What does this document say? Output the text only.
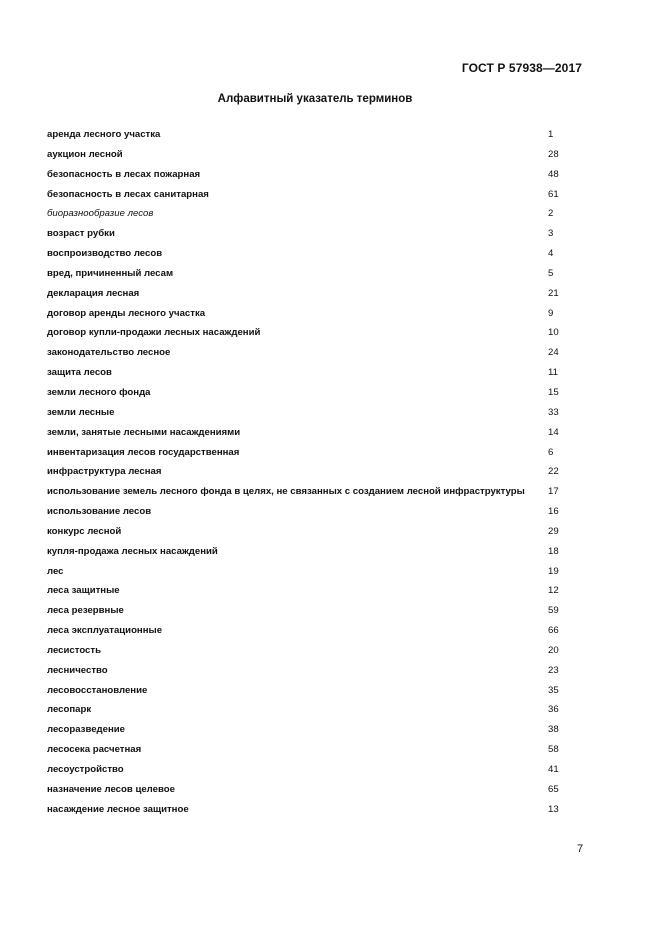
ГОСТ Р 57938—2017
Алфавитный указатель терминов
аренда лесного участка	1
аукцион лесной	28
безопасность в лесах пожарная	48
безопасность в лесах санитарная	61
биоразнообразие лесов	2
возраст рубки	3
воспроизводство лесов	4
вред, причиненный лесам	5
декларация лесная	21
договор аренды лесного участка	9
договор купли-продажи лесных насаждений	10
законодательство лесное	24
защита лесов	11
земли лесного фонда	15
земли лесные	33
земли, занятые лесными насаждениями	14
инвентаризация лесов государственная	6
инфраструктура лесная	22
использование земель лесного фонда в целях, не связанных с созданием лесной инфраструктуры 17
использование лесов	16
конкурс лесной	29
купля-продажа лесных насаждений	18
лес	19
леса защитные	12
леса резервные	59
леса эксплуатационные	66
лесистость	20
лесничество	23
лесовосстановление	35
лесопарк	36
лесоразведение	38
лесосека расчетная	58
лесоустройство	41
назначение лесов целевое	65
насаждение лесное защитное	13
7
